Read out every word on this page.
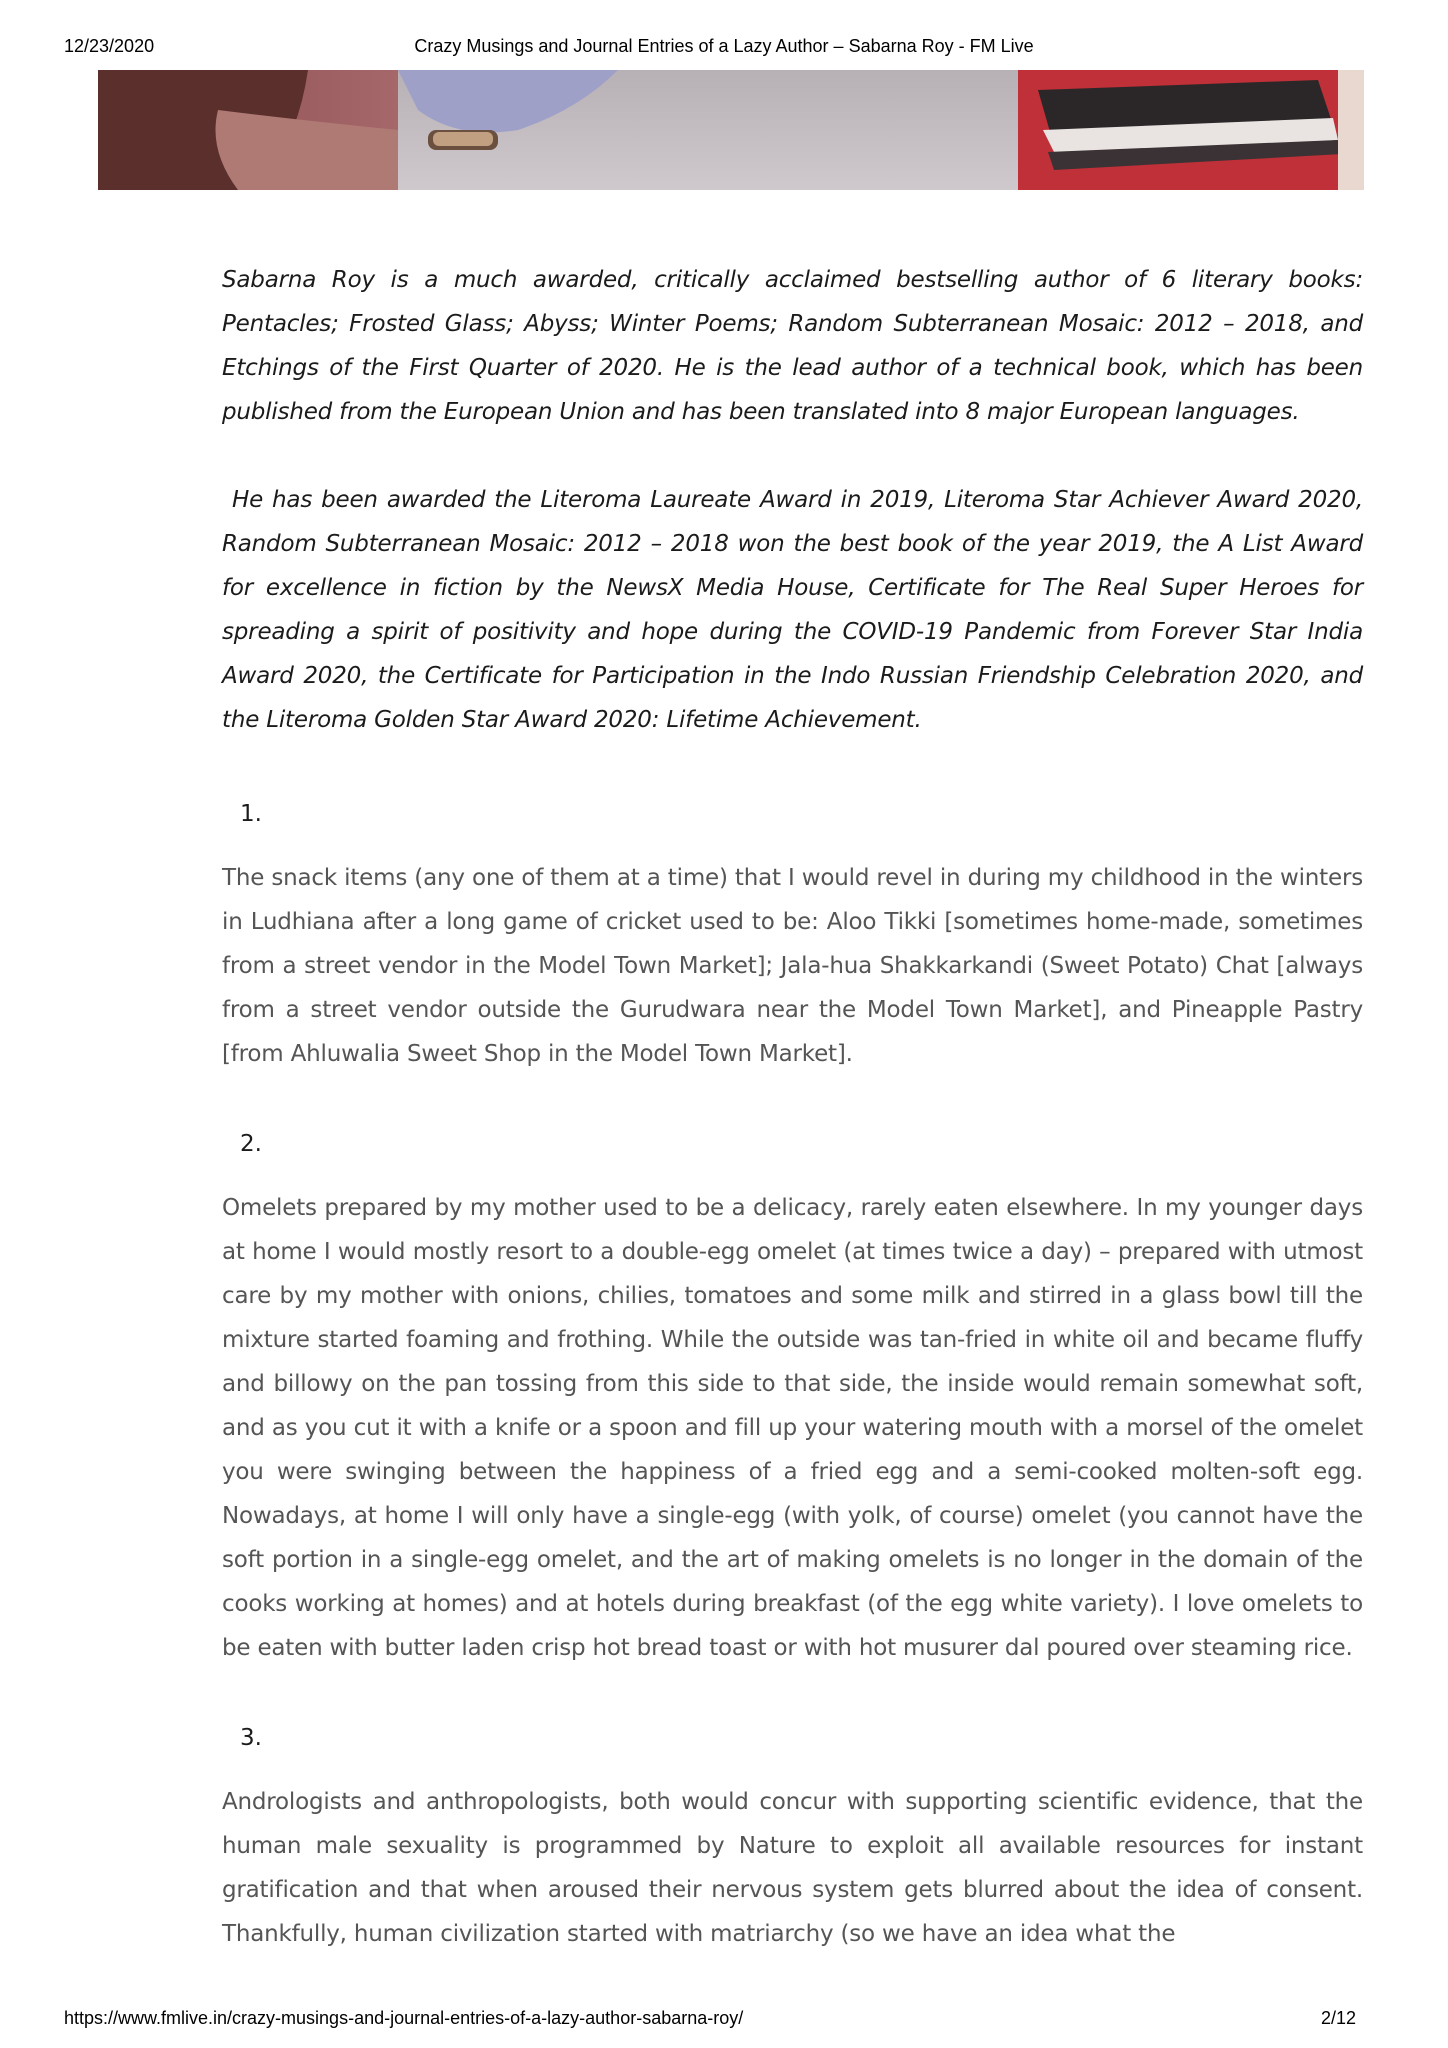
12/23/2020	Crazy Musings and Journal Entries of a Lazy Author – Sabarna Roy - FM Live

Sabarna Roy is a much awarded, critically acclaimed bestselling author of 6 literary books: Pentacles; Frosted Glass; Abyss; Winter Poems; Random Subterranean Mosaic: 2012 – 2018, and Etchings of the First Quarter of 2020. He is the lead author of a technical book, which has been published from the European Union and has been translated into 8 major European languages.

He has been awarded the Literoma Laureate Award in 2019, Literoma Star Achiever Award 2020, Random Subterranean Mosaic: 2012 – 2018 won the best book of the year 2019, the A List Award for excellence in fiction by the NewsX Media House, Certificate for The Real Super Heroes for spreading a spirit of positivity and hope during the COVID-19 Pandemic from Forever Star India Award 2020, the Certificate for Participation in the Indo Russian Friendship Celebration 2020, and the Literoma Golden Star Award 2020: Lifetime Achievement.

1.

The snack items (any one of them at a time) that I would revel in during my childhood in the winters in Ludhiana after a long game of cricket used to be: Aloo Tikki [sometimes home-made, sometimes from a street vendor in the Model Town Market]; Jala-hua Shakkarkandi (Sweet Potato) Chat [always from a street vendor outside the Gurudwara near the Model Town Market], and Pineapple Pastry [from Ahluwalia Sweet Shop in the Model Town Market].

2.

Omelets prepared by my mother used to be a delicacy, rarely eaten elsewhere. In my younger days at home I would mostly resort to a double-egg omelet (at times twice a day) – prepared with utmost care by my mother with onions, chilies, tomatoes and some milk and stirred in a glass bowl till the mixture started foaming and frothing. While the outside was tan-fried in white oil and became fluffy and billowy on the pan tossing from this side to that side, the inside would remain somewhat soft, and as you cut it with a knife or a spoon and fill up your watering mouth with a morsel of the omelet you were swinging between the happiness of a fried egg and a semi-cooked molten-soft egg. Nowadays, at home I will only have a single-egg (with yolk, of course) omelet (you cannot have the soft portion in a single-egg omelet, and the art of making omelets is no longer in the domain of the cooks working at homes) and at hotels during breakfast (of the egg white variety). I love omelets to be eaten with butter laden crisp hot bread toast or with hot musurer dal poured over steaming rice.

3.

Andrologists and anthropologists, both would concur with supporting scientific evidence, that the human male sexuality is programmed by Nature to exploit all available resources for instant gratification and that when aroused their nervous system gets blurred about the idea of consent. Thankfully, human civilization started with matriarchy (so we have an idea what the

https://www.fmlive.in/crazy-musings-and-journal-entries-of-a-lazy-author-sabarna-roy/	2/12
